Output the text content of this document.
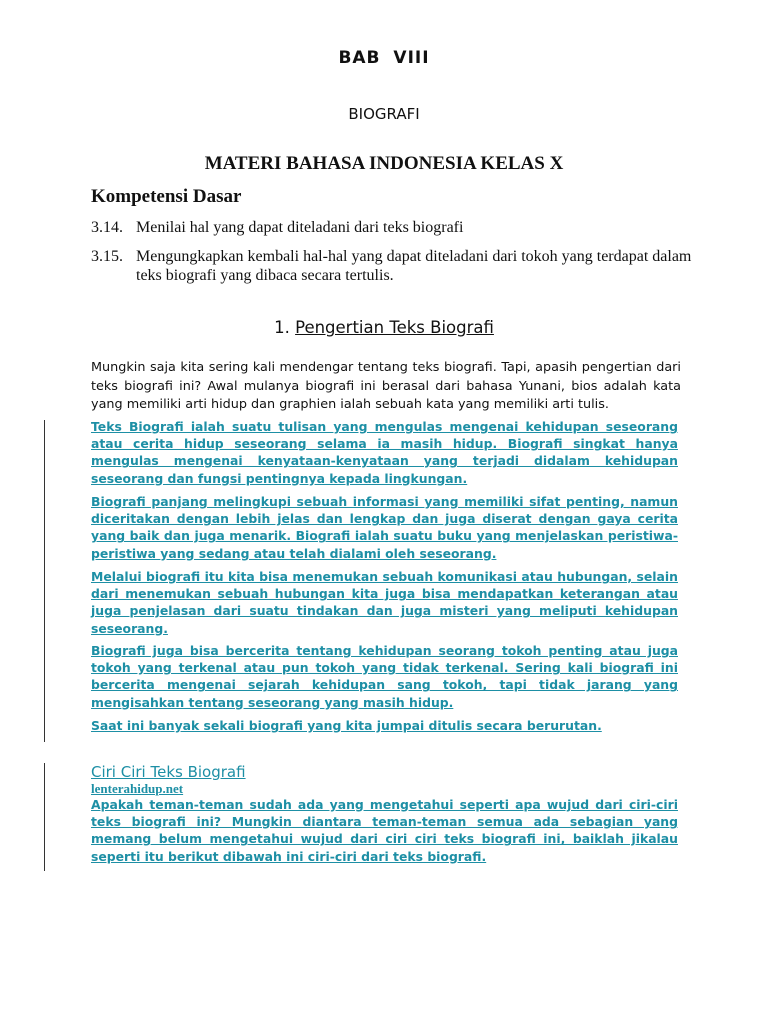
BAB VIII
BIOGRAFI
MATERI BAHASA INDONESIA KELAS X
Kompetensi Dasar
3.14. Menilai hal yang dapat diteladani dari teks biografi
3.15. Mengungkapkan kembali hal-hal yang dapat diteladani dari tokoh yang terdapat dalam teks biografi yang dibaca secara tertulis.
1. Pengertian Teks Biografi
Mungkin saja kita sering kali mendengar tentang teks biografi. Tapi, apasih pengertian dari teks biografi ini? Awal mulanya biografi ini berasal dari bahasa Yunani, bios adalah kata yang memiliki arti hidup dan graphien ialah sebuah kata yang memiliki arti tulis.
Teks Biografi ialah suatu tulisan yang mengulas mengenai kehidupan seseorang atau cerita hidup seseorang selama ia masih hidup. Biografi singkat hanya mengulas mengenai kenyataan-kenyataan yang terjadi didalam kehidupan seseorang dan fungsi pentingnya kepada lingkungan.
Biografi panjang melingkupi sebuah informasi yang memiliki sifat penting, namun diceritakan dengan lebih jelas dan lengkap dan juga diserat dengan gaya cerita yang baik dan juga menarik. Biografi ialah suatu buku yang menjelaskan peristiwa-peristiwa yang sedang atau telah dialami oleh seseorang.
Melalui biografi itu kita bisa menemukan sebuah komunikasi atau hubungan, selain dari menemukan sebuah hubungan kita juga bisa mendapatkan keterangan atau juga penjelasan dari suatu tindakan dan juga misteri yang meliputi kehidupan seseorang.
Biografi juga bisa bercerita tentang kehidupan seorang tokoh penting atau juga tokoh yang terkenal atau pun tokoh yang tidak terkenal. Sering kali biografi ini bercerita mengenai sejarah kehidupan sang tokoh, tapi tidak jarang yang mengisahkan tentang seseorang yang masih hidup.
Saat ini banyak sekali biografi yang kita jumpai ditulis secara berurutan.
Ciri Ciri Teks Biografi
lenterahidup.net
Apakah teman-teman sudah ada yang mengetahui seperti apa wujud dari ciri-ciri teks biografi ini? Mungkin diantara teman-teman semua ada sebagian yang memang belum mengetahui wujud dari ciri ciri teks biografi ini, baiklah jikalau seperti itu berikut dibawah ini ciri-ciri dari teks biografi.
